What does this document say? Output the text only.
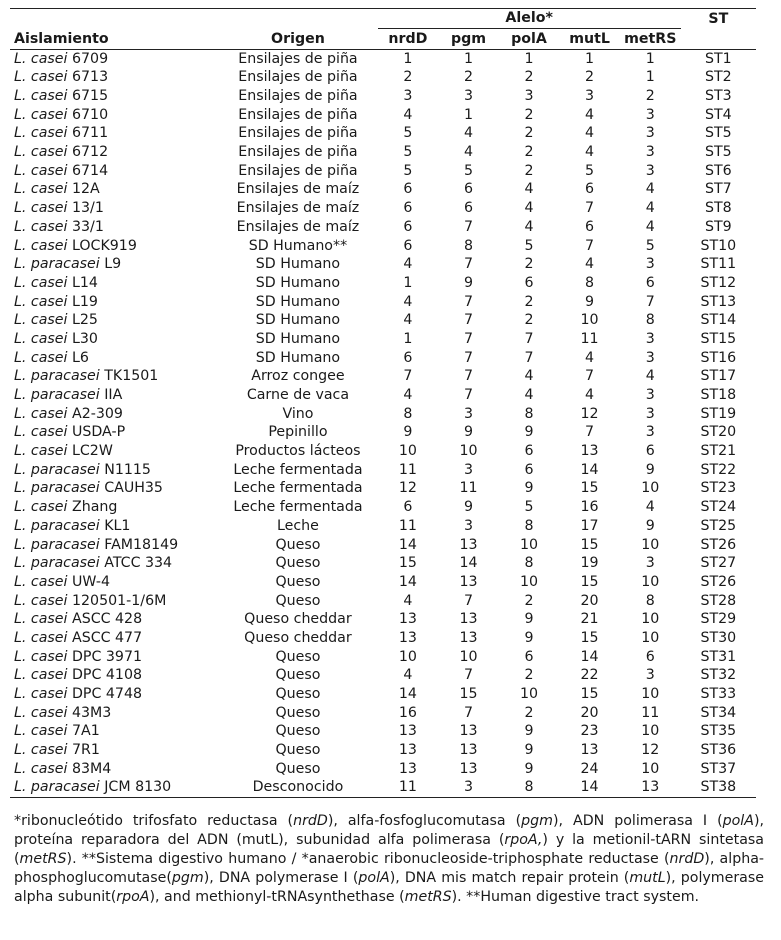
		Alelo*					ST
Aislamiento	Origen	nrdD	pgm	polA	mutL	metRS	
L. casei 6709	Ensilajes de piña	1	1	1	1	1	ST1
L. casei 6713	Ensilajes de piña	2	2	2	2	1	ST2
L. casei 6715	Ensilajes de piña	3	3	3	3	2	ST3
L. casei 6710	Ensilajes de piña	4	1	2	4	3	ST4
L. casei 6711	Ensilajes de piña	5	4	2	4	3	ST5
L. casei 6712	Ensilajes de piña	5	4	2	4	3	ST5
L. casei 6714	Ensilajes de piña	5	5	2	5	3	ST6
L. casei 12A	Ensilajes de maíz	6	6	4	6	4	ST7
L. casei 13/1	Ensilajes de maíz	6	6	4	7	4	ST8
L. casei 33/1	Ensilajes de maíz	6	7	4	6	4	ST9
L. casei LOCK919	SD Humano**	6	8	5	7	5	ST10
L. paracasei L9	SD Humano	4	7	2	4	3	ST11
L. casei L14	SD Humano	1	9	6	8	6	ST12
L. casei L19	SD Humano	4	7	2	9	7	ST13
L. casei L25	SD Humano	4	7	2	10	8	ST14
L. casei L30	SD Humano	1	7	7	11	3	ST15
L. casei L6	SD Humano	6	7	7	4	3	ST16
L. paracasei TK1501	Arroz congee	7	7	4	7	4	ST17
L. paracasei IIA	Carne de vaca	4	7	4	4	3	ST18
L. casei A2-309	Vino	8	3	8	12	3	ST19
L. casei USDA-P	Pepinillo	9	9	9	7	3	ST20
L. casei LC2W	Productos lácteos	10	10	6	13	6	ST21
L. paracasei N1115	Leche fermentada	11	3	6	14	9	ST22
L. paracasei CAUH35	Leche fermentada	12	11	9	15	10	ST23
L. casei Zhang	Leche fermentada	6	9	5	16	4	ST24
L. paracasei KL1	Leche	11	3	8	17	9	ST25
L. paracasei FAM18149	Queso	14	13	10	15	10	ST26
L. paracasei ATCC 334	Queso	15	14	8	19	3	ST27
L. casei UW-4	Queso	14	13	10	15	10	ST26
L. casei 120501-1/6M	Queso	4	7	2	20	8	ST28
L. casei ASCC 428	Queso cheddar	13	13	9	21	10	ST29
L. casei ASCC 477	Queso cheddar	13	13	9	15	10	ST30
L. casei DPC 3971	Queso	10	10	6	14	6	ST31
L. casei DPC 4108	Queso	4	7	2	22	3	ST32
L. casei DPC 4748	Queso	14	15	10	15	10	ST33
L. casei 43M3	Queso	16	7	2	20	11	ST34
L. casei 7A1	Queso	13	13	9	23	10	ST35
L. casei 7R1	Queso	13	13	9	13	12	ST36
L. casei 83M4	Queso	13	13	9	24	10	ST37
L. paracasei JCM 8130	Desconocido	11	3	8	14	13	ST38

*ribonucleótido trifosfato reductasa (nrdD), alfa-fosfoglucomutasa (pgm), ADN polimerasa I (polA), proteína reparadora del ADN (mutL), subunidad alfa polimerasa (rpoA,) y la metionil-tARN sintetasa (metRS). **Sistema digestivo humano / *anaerobic ribonucleoside-triphosphate reductase (nrdD), alpha-phosphoglucomutase(pgm), DNA polymerase I (polA), DNA mis match repair protein (mutL), polymerase alpha subunit(rpoA), and methionyl-tRNAsynthethase (metRS). **Human digestive tract system.
